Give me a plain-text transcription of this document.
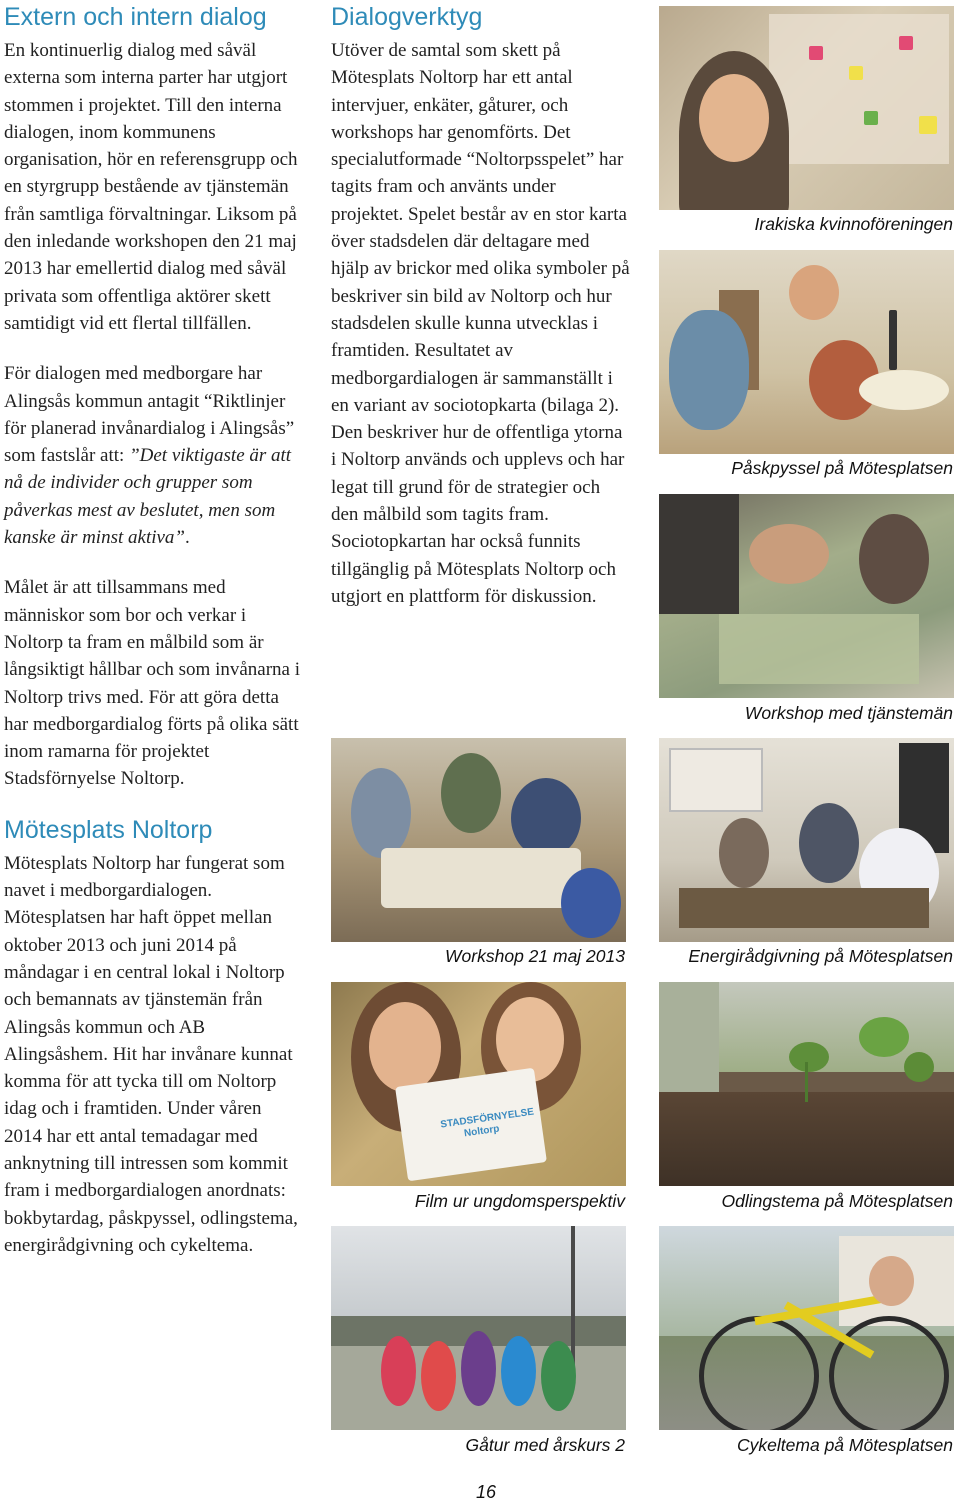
Extern och intern dialog

En kontinuerlig dialog med såväl externa som interna parter har utgjort stommen i projektet. Till den interna dialogen, inom kommunens organisation, hör en referensgrupp och en styrgrupp bestående av tjänstemän från samtliga förvaltningar. Liksom på den inledande workshopen den 21 maj 2013 har emellertid dialog med såväl privata som offentliga aktörer skett samtidigt vid ett flertal tillfällen.

För dialogen med medborgare har Alingsås kommun antagit “Riktlinjer för planerad invånardialog i Alingsås” som fastslår att: ”Det viktigaste är att nå de individer och grupper som påverkas mest av beslutet, men som kanske är minst aktiva”.

Målet är att tillsammans med människor som bor och verkar i Noltorp ta fram en målbild som är långsiktigt hållbar och som invånarna i Noltorp trivs med. För att göra detta har medborgardialog förts på olika sätt inom ramarna för projektet Stadsförnyelse Noltorp.

Mötesplats Noltorp

Mötesplats Noltorp har fungerat som navet i medborgardialogen. Mötesplatsen har haft öppet mellan oktober 2013 och juni 2014 på måndagar i en central lokal i Noltorp och bemannats av tjänstemän från Alingsås kommun och AB Alingsåshem. Hit har invånare kunnat komma för att tycka till om Noltorp idag och i framtiden. Under våren 2014 har ett antal temadagar med anknytning till intressen som kommit fram i medborgardialogen anordnats: bokbytardag, påskpyssel, odlingstema, energirådgivning och cykeltema.

Dialogverktyg

Utöver de samtal som skett på Mötesplats Noltorp har ett antal intervjuer, enkäter, gåturer, och workshops har genomförts. Det specialutformade “Noltorpsspelet” har tagits fram och använts under projektet. Spelet består av en stor karta över stadsdelen där deltagare med hjälp av brickor med olika symboler på beskriver sin bild av Noltorp och hur stadsdelen skulle kunna utvecklas i framtiden. Resultatet av medborgardialogen är sammanställt i en variant av sociotopkarta (bilaga 2). Den beskriver hur de offentliga ytorna i Noltorp används och upplevs och har legat till grund för de strategier och den målbild som tagits fram. Sociotopkartan har också funnits tillgänglig på Mötesplats Noltorp och utgjort en plattform för diskussion.

Irakiska kvinnoföreningen
Påskpyssel på Mötesplatsen
Workshop med tjänstemän
Workshop 21 maj 2013	Energirådgivning på Mötesplatsen
STADSFÖRNYELSE Noltorp
Film ur ungdomsperspektiv	Odlingstema på Mötesplatsen
Gåtur med årskurs 2	Cykeltema på Mötesplatsen
16
